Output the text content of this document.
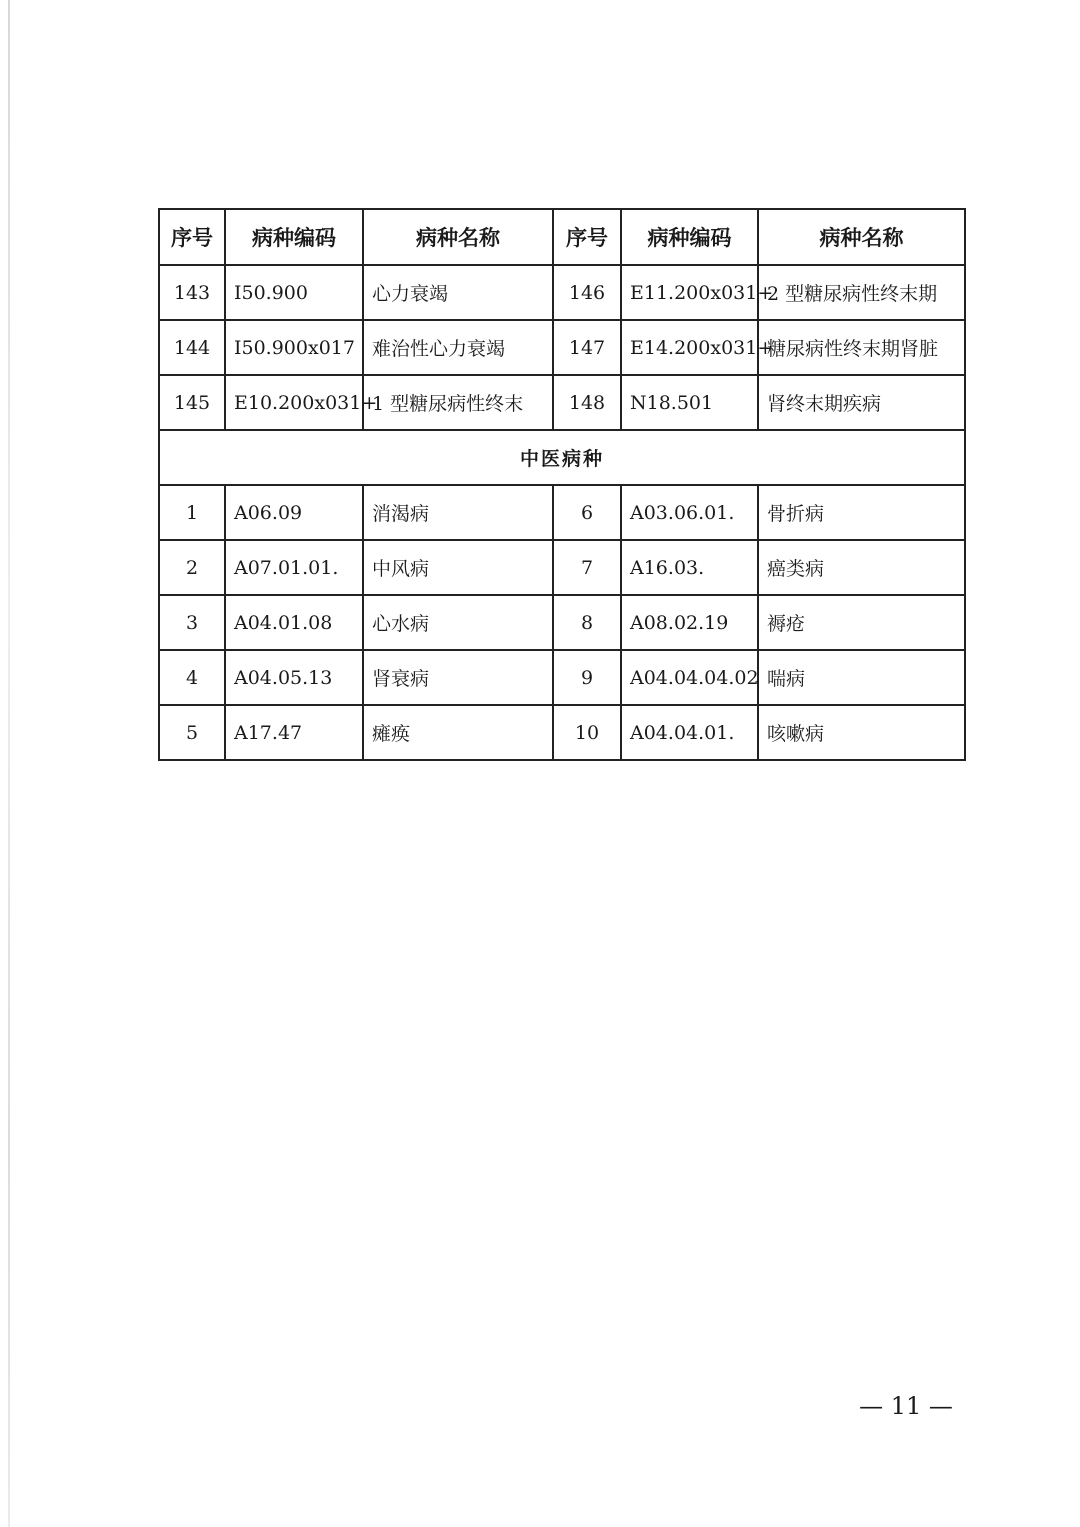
序号	病种编码	病种名称	序号	病种编码	病种名称
143	I50.900	心力衰竭	146	E11.200x031+	2 型糖尿病性终末期
144	I50.900x017	难治性心力衰竭	147	E14.200x031+	糖尿病性终末期肾脏
145	E10.200x031+	1 型糖尿病性终末	148	N18.501	肾终末期疾病
中医病种					
1	A06.09	消渴病	6	A03.06.01.	骨折病
2	A07.01.01.	中风病	7	A16.03.	癌类病
3	A04.01.08	心水病	8	A08.02.19	褥疮
4	A04.05.13	肾衰病	9	A04.04.04.02	喘病
5	A17.47	瘫痪	10	A04.04.01.	咳嗽病
— 11 —
